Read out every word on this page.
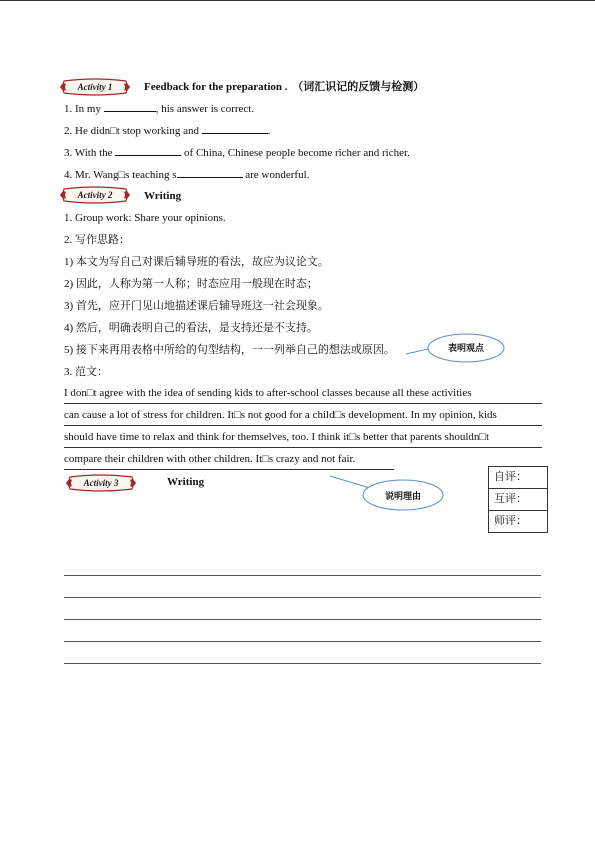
Activity 1	Feedback for the preparation . （词汇识记的反馈与检测）
1. In my	, his answer is correct.
2. He didn□t stop working and	.
3. With the	of China, Chinese people become richer and richer.
4. Mr. Wang□s teaching s	are wonderful.
Activity 2	Writing
1. Group work: Share your opinions.
2. 写作思路：
1) 本文为写自己对课后辅导班的看法，故应为议论文。
2) 因此，人称为第一人称；时态应用一般现在时态；
3) 首先，应开门见山地描述课后辅导班这一社会现象。
4) 然后，明确表明自己的看法，是支持还是不支持。
5) 接下来再用表格中所给的句型结构，一一列举自己的想法或原因。
3. 范文：
表明观点
I don□t agree with the idea of sending kids to after-school classes because all these activities
can cause a lot of stress for children. It□s not good for a child□s development. In my opinion, kids
should have time to relax and think for themselves, too. I think it□s better that parents shouldn□t
compare their children with other children. It□s crazy and not fair.
说明理由
Activity 3	Writing	自评：
互评：
师评：
